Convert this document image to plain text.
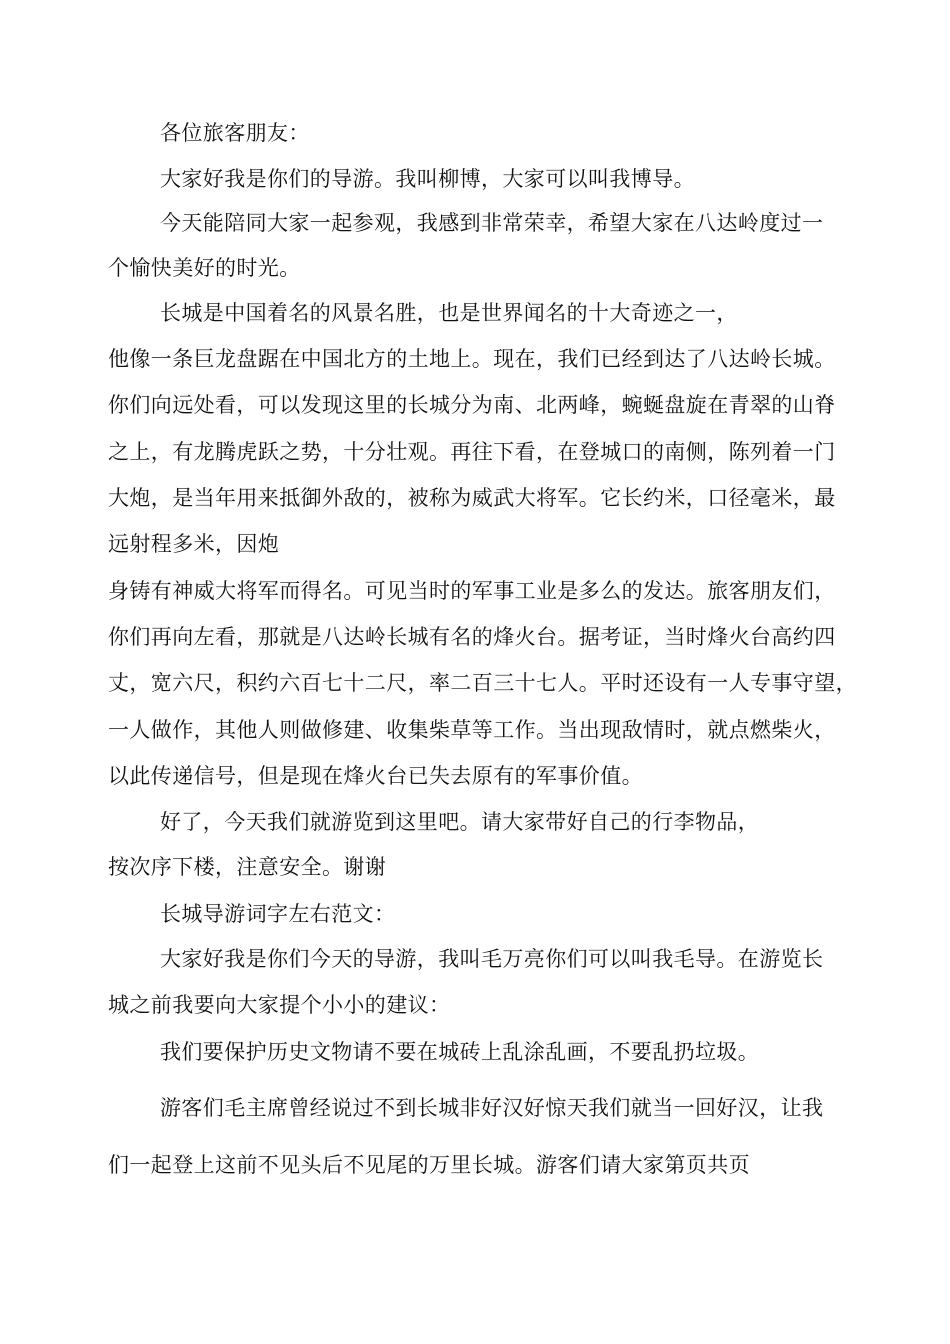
各位旅客朋友：
大家好我是你们的导游。我叫柳博，大家可以叫我博导。
今天能陪同大家一起参观，我感到非常荣幸，希望大家在八达岭度过一
个愉快美好的时光。
长城是中国着名的风景名胜，也是世界闻名的十大奇迹之一，
他像一条巨龙盘踞在中国北方的土地上。现在，我们已经到达了八达岭长城。
你们向远处看，可以发现这里的长城分为南、北两峰，蜿蜒盘旋在青翠的山脊
之上，有龙腾虎跃之势，十分壮观。再往下看，在登城口的南侧，陈列着一门
大炮，是当年用来抵御外敌的，被称为威武大将军。它长约米，口径毫米，最
远射程多米，因炮
身铸有神威大将军而得名。可见当时的军事工业是多么的发达。旅客朋友们，
你们再向左看，那就是八达岭长城有名的烽火台。据考证，当时烽火台高约四
丈，宽六尺，积约六百七十二尺，率二百三十七人。平时还设有一人专事守望，
一人做作，其他人则做修建、收集柴草等工作。当出现敌情时，就点燃柴火，
以此传递信号，但是现在烽火台已失去原有的军事价值。
好了，今天我们就游览到这里吧。请大家带好自己的行李物品，
按次序下楼，注意安全。谢谢
长城导游词字左右范文：
大家好我是你们今天的导游，我叫毛万亮你们可以叫我毛导。在游览长
城之前我要向大家提个小小的建议：
我们要保护历史文物请不要在城砖上乱涂乱画，不要乱扔垃圾。
游客们毛主席曾经说过不到长城非好汉好惊天我们就当一回好汉，让我
们一起登上这前不见头后不见尾的万里长城。游客们请大家第页共页
